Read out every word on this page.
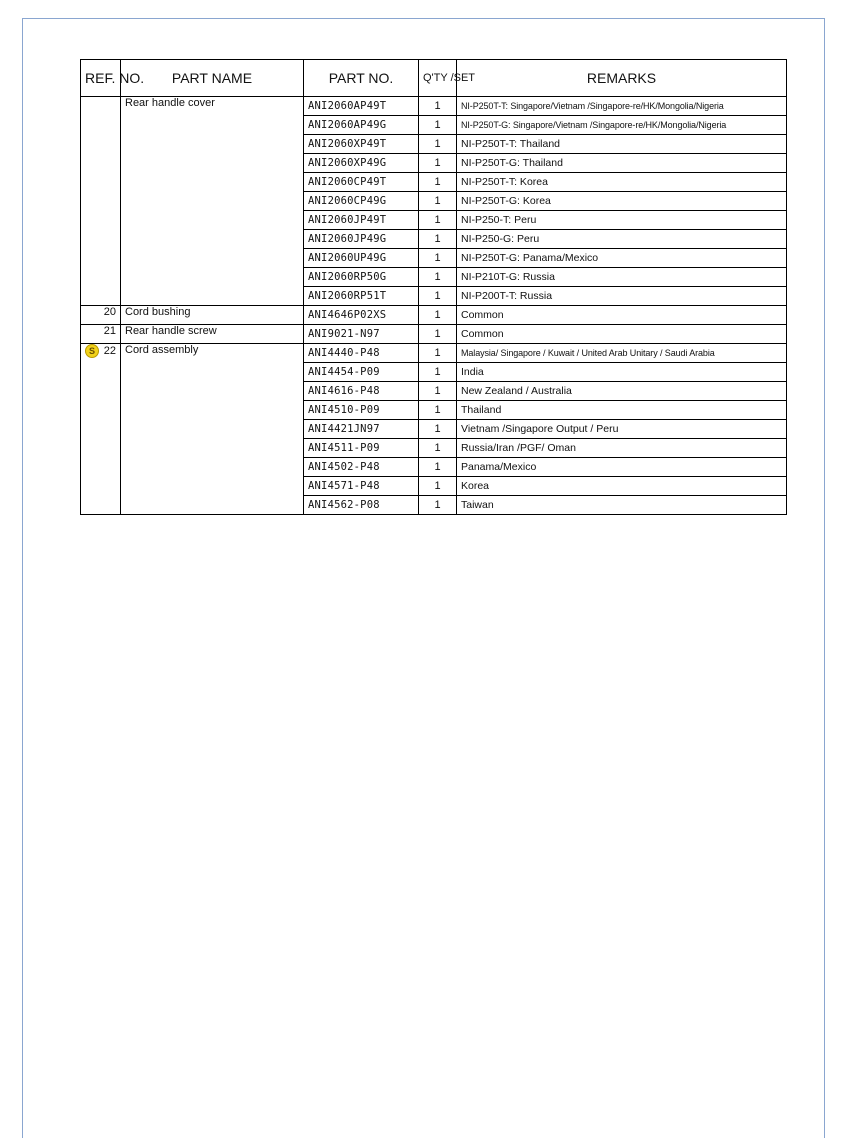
REF. NO.	PART NAME	PART NO.	Q'TY /SET	REMARKS
	Rear handle cover	ANI2060AP49T	1	NI-P250T-T: Singapore/Vietnam /Singapore-re/HK/Mongolia/Nigeria
		ANI2060AP49G	1	NI-P250T-G: Singapore/Vietnam /Singapore-re/HK/Mongolia/Nigeria
		ANI2060XP49T	1	NI-P250T-T: Thailand
		ANI2060XP49G	1	NI-P250T-G: Thailand
		ANI2060CP49T	1	NI-P250T-T: Korea
		ANI2060CP49G	1	NI-P250T-G: Korea
		ANI2060JP49T	1	NI-P250-T: Peru
		ANI2060JP49G	1	NI-P250-G: Peru
		ANI2060UP49G	1	NI-P250T-G: Panama/Mexico
		ANI2060RP50G	1	NI-P210T-G: Russia
		ANI2060RP51T	1	NI-P200T-T: Russia
20	Cord bushing	ANI4646P02XS	1	Common
21	Rear handle screw	ANI9021-N97	1	Common

S 22	Cord assembly	ANI4440-P48	1	Malaysia/ Singapore / Kuwait / United Arab Unitary / Saudi Arabia
		ANI4454-P09	1	India
		ANI4616-P48	1	New Zealand / Australia
		ANI4510-P09	1	Thailand
		ANI4421JN97	1	Vietnam /Singapore Output / Peru
		ANI4511-P09	1	Russia/Iran /PGF/ Oman
		ANI4502-P48	1	Panama/Mexico
		ANI4571-P48	1	Korea
		ANI4562-P08	1	Taiwan
